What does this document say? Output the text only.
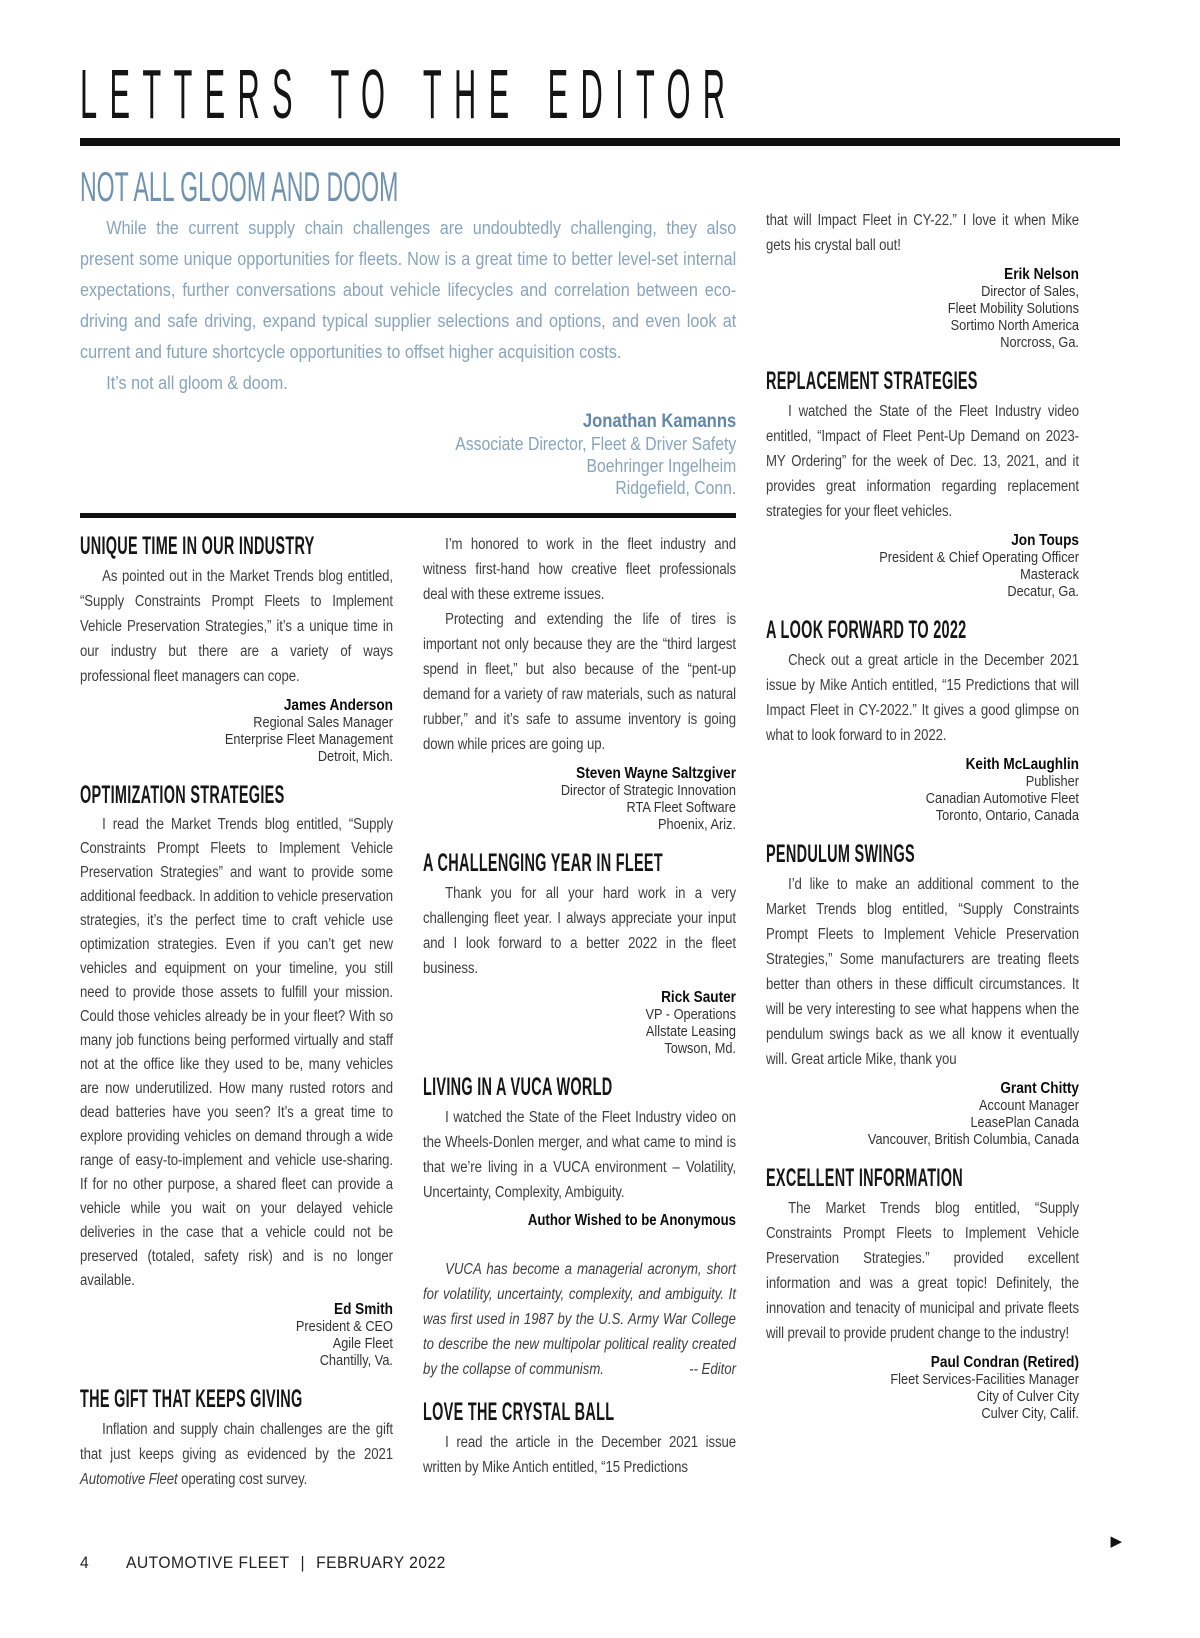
LETTERS TO THE EDITOR
NOT ALL GLOOM AND DOOM

While the current supply chain challenges are undoubtedly challenging, they also present some unique opportunities for fleets. Now is a great time to better level-set internal expectations, further conversations about vehicle lifecycles and correlation between eco-driving and safe driving, expand typical supplier selections and options, and even look at current and future shortcycle opportunities to offset higher acquisition costs.

It’s not all gloom & doom.

Jonathan Kamanns
Associate Director, Fleet & Driver Safety
Boehringer Ingelheim
Ridgefield, Conn.
UNIQUE TIME IN OUR INDUSTRY

As pointed out in the Market Trends blog entitled, “Supply Constraints Prompt Fleets to Implement Vehicle Preservation Strategies,” it’s a unique time in our industry but there are a variety of ways professional fleet managers can cope.

James Anderson
Regional Sales Manager
Enterprise Fleet Management
Detroit, Mich.
OPTIMIZATION STRATEGIES

I read the Market Trends blog entitled, “Supply Constraints Prompt Fleets to Implement Vehicle Preservation Strategies” and want to provide some additional feedback. In addition to vehicle preservation strategies, it’s the perfect time to craft vehicle use optimization strategies. Even if you can’t get new vehicles and equipment on your timeline, you still need to provide those assets to fulfill your mission. Could those vehicles already be in your fleet? With so many job functions being performed virtually and staff not at the office like they used to be, many vehicles are now underutilized. How many rusted rotors and dead batteries have you seen? It’s a great time to explore providing vehicles on demand through a wide range of easy-to-implement and vehicle use-sharing. If for no other purpose, a shared fleet can provide a vehicle while you wait on your delayed vehicle deliveries in the case that a vehicle could not be preserved (totaled, safety risk) and is no longer available.

Ed Smith
President & CEO
Agile Fleet
Chantilly, Va.
THE GIFT THAT KEEPS GIVING

Inflation and supply chain challenges are the gift that just keeps giving as evidenced by the 2021 Automotive Fleet operating cost survey.

I’m honored to work in the fleet industry and witness first-hand how creative fleet professionals deal with these extreme issues.

Protecting and extending the life of tires is important not only because they are the “third largest spend in fleet,” but also because of the “pent-up demand for a variety of raw materials, such as natural rubber,” and it’s safe to assume inventory is going down while prices are going up.

Steven Wayne Saltzgiver
Director of Strategic Innovation
RTA Fleet Software
Phoenix, Ariz.
A CHALLENGING YEAR IN FLEET

Thank you for all your hard work in a very challenging fleet year. I always appreciate your input and I look forward to a better 2022 in the fleet business.

Rick Sauter
VP - Operations
Allstate Leasing
Towson, Md.
LIVING IN A VUCA WORLD

I watched the State of the Fleet Industry video on the Wheels-Donlen merger, and what came to mind is that we’re living in a VUCA environment – Volatility, Uncertainty, Complexity, Ambiguity.

Author Wished to be Anonymous

VUCA has become a managerial acronym, short for volatility, uncertainty, complexity, and ambiguity. It was first used in 1987 by the U.S. Army War College to describe the new multipolar political reality created by the collapse of communism.	-- Editor
LOVE THE CRYSTAL BALL

I read the article in the December 2021 issue written by Mike Antich entitled, “15 Predictions

that will Impact Fleet in CY-22.” I love it when Mike gets his crystal ball out!

Erik Nelson
Director of Sales,
Fleet Mobility Solutions
Sortimo North America
Norcross, Ga.
REPLACEMENT STRATEGIES

I watched the State of the Fleet Industry video entitled, “Impact of Fleet Pent-Up Demand on 2023-MY Ordering” for the week of Dec. 13, 2021, and it provides great information regarding replacement strategies for your fleet vehicles.

Jon Toups
President & Chief Operating Officer
Masterack
Decatur, Ga.
A LOOK FORWARD TO 2022

Check out a great article in the December 2021 issue by Mike Antich entitled, “15 Predictions that will Impact Fleet in CY-2022.” It gives a good glimpse on what to look forward to in 2022.

Keith McLaughlin
Publisher
Canadian Automotive Fleet
Toronto, Ontario, Canada
PENDULUM SWINGS

I’d like to make an additional comment to the Market Trends blog entitled, “Supply Constraints Prompt Fleets to Implement Vehicle Preservation Strategies,” Some manufacturers are treating fleets better than others in these difficult circumstances. It will be very interesting to see what happens when the pendulum swings back as we all know it eventually will. Great article Mike, thank you

Grant Chitty
Account Manager
LeasePlan Canada
Vancouver, British Columbia, Canada
EXCELLENT INFORMATION

The Market Trends blog entitled, “Supply Constraints Prompt Fleets to Implement Vehicle Preservation Strategies.” provided excellent information and was a great topic! Definitely, the innovation and tenacity of municipal and private fleets will prevail to provide prudent change to the industry!

Paul Condran (Retired)
Fleet Services-Facilities Manager
City of Culver City
Culver City, Calif.
▶
4 AUTOMOTIVE FLEET | FEBRUARY 2022
